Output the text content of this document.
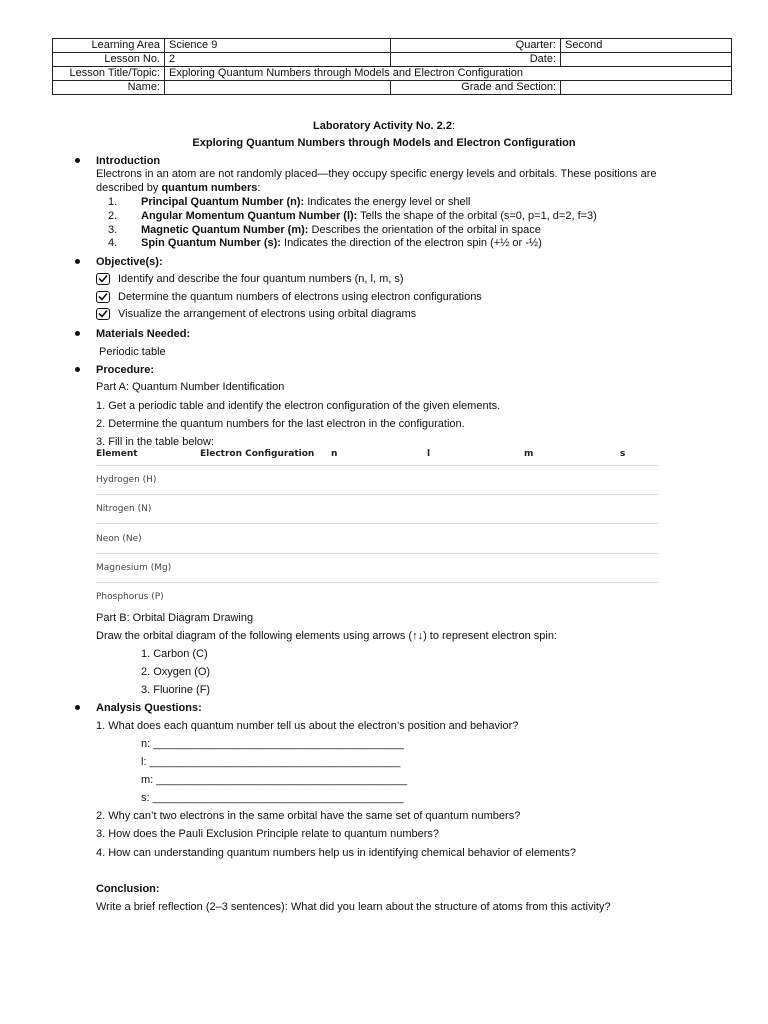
Learning Area	Science 9	Quarter:	Second
Lesson No.	2	Date:	
Lesson Title/Topic:	Exploring Quantum Numbers through Models and Electron Configuration		
Name:		Grade and Section:	
Laboratory Activity No. 2.2:
Exploring Quantum Numbers through Models and Electron Configuration
Introduction
Electrons in an atom are not randomly placed—they occupy specific energy levels and orbitals. These positions are
described by quantum numbers:
1. Principal Quantum Number (n): Indicates the energy level or shell
2. Angular Momentum Quantum Number (l): Tells the shape of the orbital (s=0, p=1, d=2, f=3)
3. Magnetic Quantum Number (m): Describes the orientation of the orbital in space
4. Spin Quantum Number (s): Indicates the direction of the electron spin (+½ or -½)
Objective(s):
Identify and describe the four quantum numbers (n, l, m, s)
Determine the quantum numbers of electrons using electron configurations
Visualize the arrangement of electrons using orbital diagrams
Materials Needed:
Periodic table
Procedure:
Part A: Quantum Number Identification
1. Get a periodic table and identify the electron configuration of the given elements.
2. Determine the quantum numbers for the last electron in the configuration.
3. Fill in the table below:
Element	Electron Configuration n	l	m	s
Hydrogen (H)
Nitrogen (N)
Neon (Ne)
Magnesium (Mg)
Phosphorus (P)
Part B: Orbital Diagram Drawing
Draw the orbital diagram of the following elements using arrows (↑↓) to represent electron spin:
1. Carbon (C)
2. Oxygen (O)
3. Fluorine (F)
Analysis Questions:
1. What does each quantum number tell us about the electron’s position and behavior?
n: _________________________________________
l: _________________________________________
m: _________________________________________
s: _________________________________________
2. Why can’t two electrons in the same orbital have the same set of quantum numbers?
3. How does the Pauli Exclusion Principle relate to quantum numbers?
4. How can understanding quantum numbers help us in identifying chemical behavior of elements?
Conclusion:
Write a brief reflection (2–3 sentences): What did you learn about the structure of atoms from this activity?
